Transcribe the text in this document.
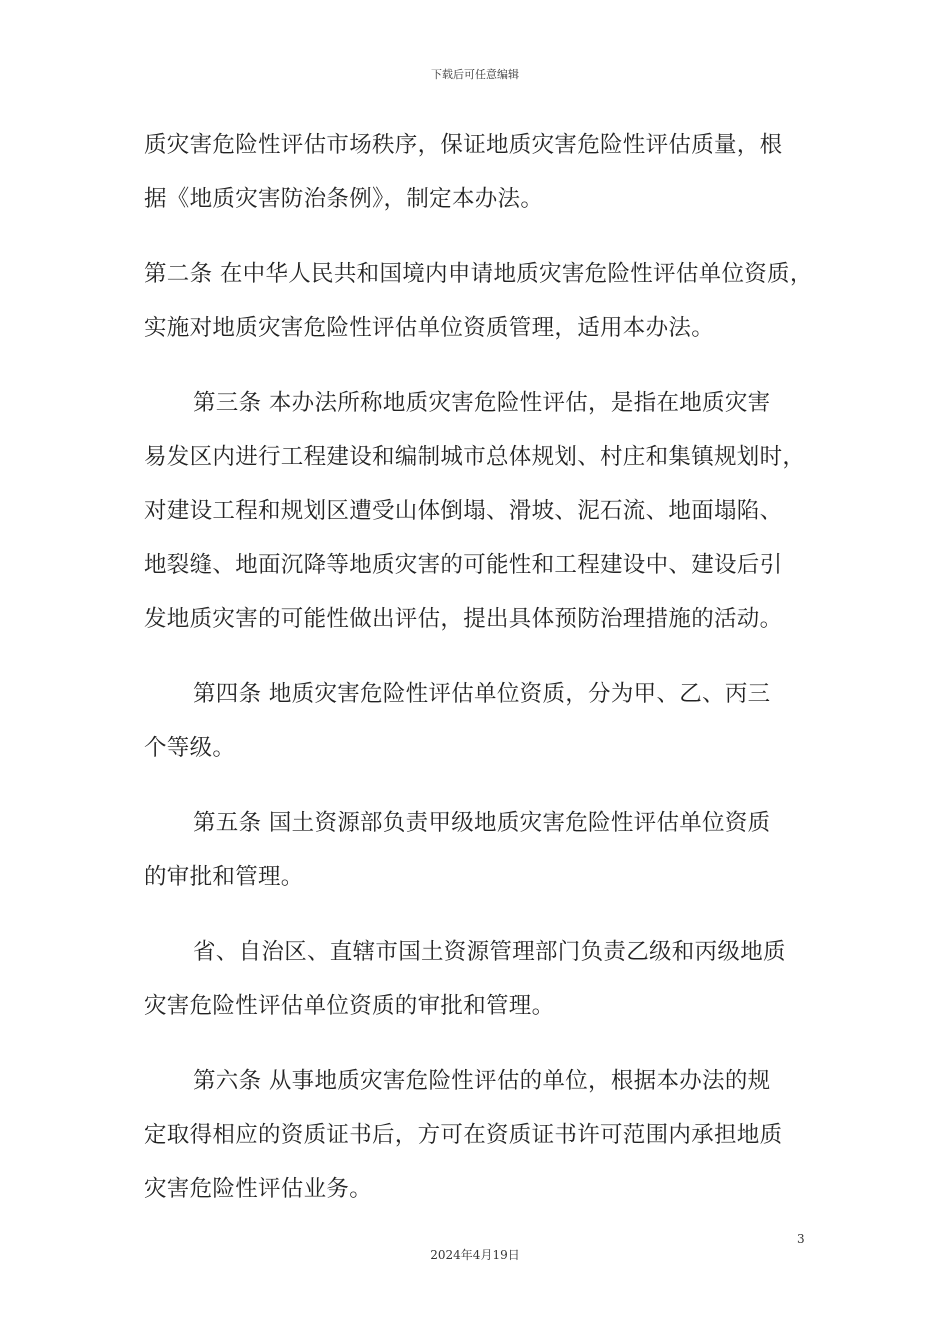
下载后可任意编辑
质灾害危险性评估市场秩序，保证地质灾害危险性评估质量，根
据《地质灾害防治条例》，制定本办法。
第二条 在中华人民共和国境内申请地质灾害危险性评估单位资质，
实施对地质灾害危险性评估单位资质管理，适用本办法。
第三条 本办法所称地质灾害危险性评估，是指在地质灾害
易发区内进行工程建设和编制城市总体规划、村庄和集镇规划时，
对建设工程和规划区遭受山体倒塌、滑坡、泥石流、地面塌陷、
地裂缝、地面沉降等地质灾害的可能性和工程建设中、建设后引
发地质灾害的可能性做出评估，提出具体预防治理措施的活动。
第四条 地质灾害危险性评估单位资质，分为甲、乙、丙三
个等级。
第五条 国土资源部负责甲级地质灾害危险性评估单位资质
的审批和管理。
省、自治区、直辖市国土资源管理部门负责乙级和丙级地质
灾害危险性评估单位资质的审批和管理。
第六条 从事地质灾害危险性评估的单位，根据本办法的规
定取得相应的资质证书后，方可在资质证书许可范围内承担地质
灾害危险性评估业务。
3
2024年4月19日
